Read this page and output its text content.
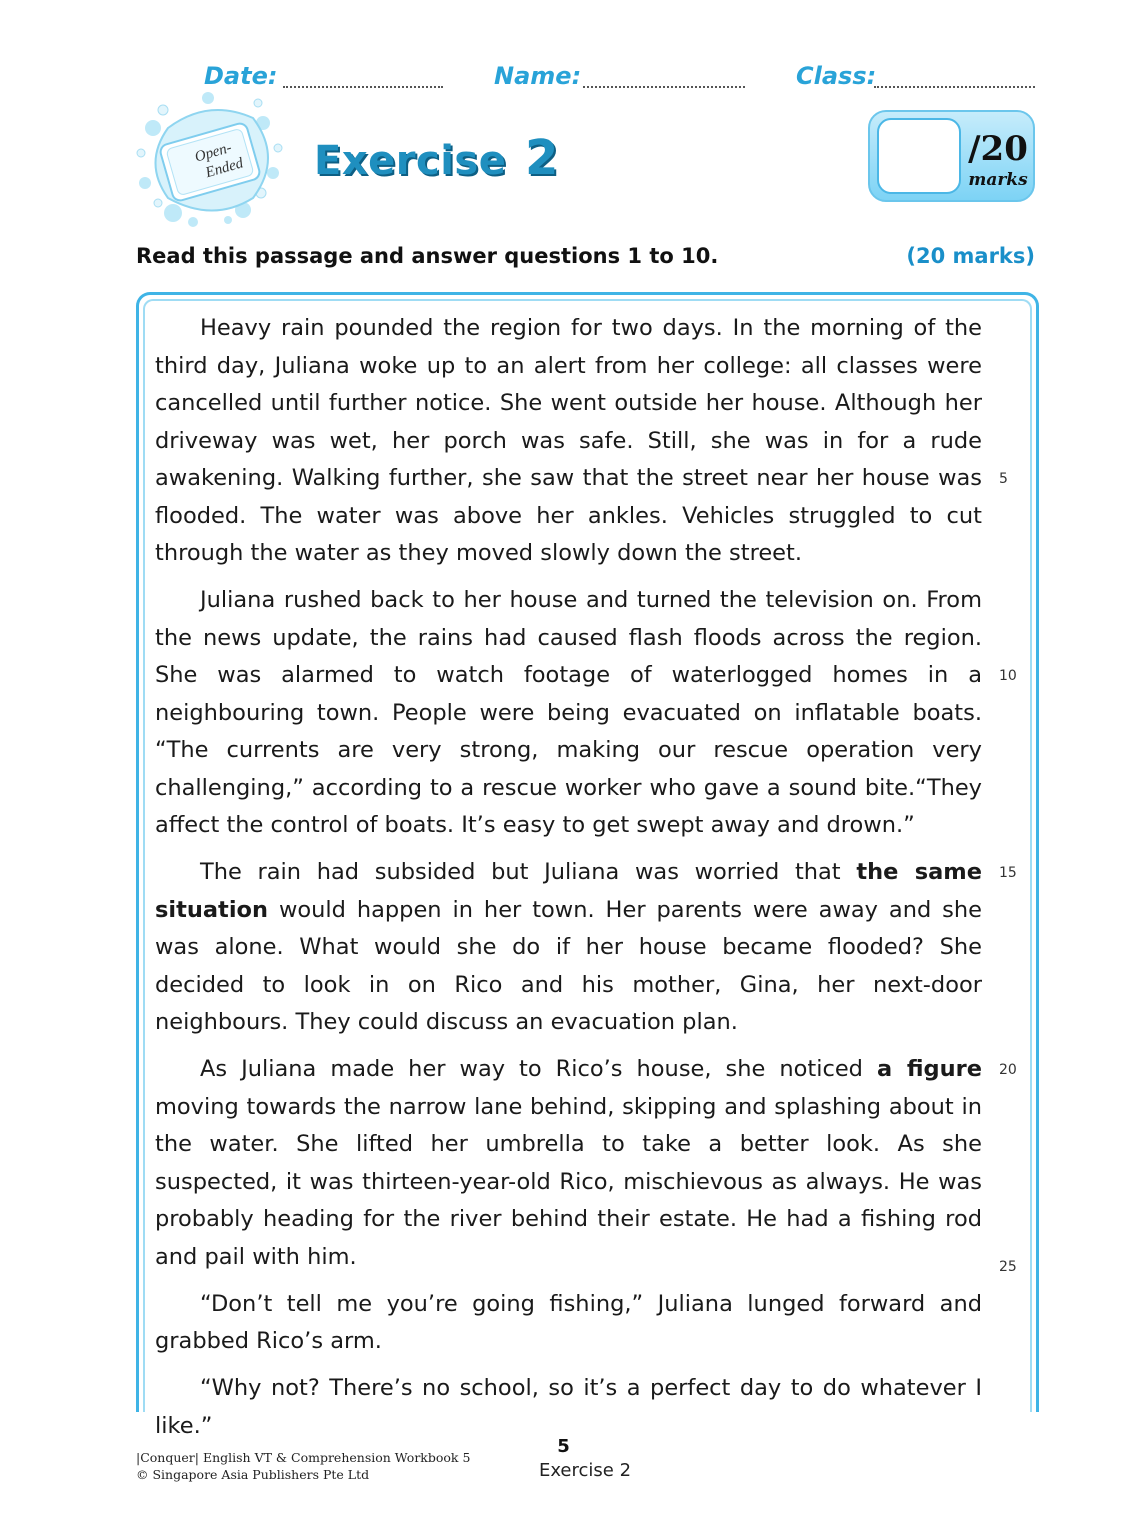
Date:	Name:	Class:
Open-
Ended Exercise 2	/20
marks
Read this passage and answer questions 1 to 10.	(20 marks)

Heavy rain pounded the region for two days. In the morning of the third day, Juliana woke up to an alert from her college: all classes were cancelled until further notice. She went outside her house. Although her driveway was wet, her porch was safe. Still, she was in for a rude awakening. Walking further, she saw that the street near her house was flooded. The water was above her ankles. Vehicles struggled to cut through the water as they moved slowly down the street.

Juliana rushed back to her house and turned the television on. From the news update, the rains had caused flash floods across the region. She was alarmed to watch footage of waterlogged homes in a neighbouring town. People were being evacuated on inflatable boats. “The currents are very strong, making our rescue operation very challenging,” according to a rescue worker who gave a sound bite.“They affect the control of boats. It’s easy to get swept away and drown.”

The rain had subsided but Juliana was worried that the same situation would happen in her town. Her parents were away and she was alone. What would she do if her house became flooded? She decided to look in on Rico and his mother, Gina, her next-door neighbours. They could discuss an evacuation plan.

As Juliana made her way to Rico’s house, she noticed a figure moving towards the narrow lane behind, skipping and splashing about in the water. She lifted her umbrella to take a better look. As she suspected, it was thirteen-year-old Rico, mischievous as always. He was probably heading for the river behind their estate. He had a fishing rod and pail with him.

“Don’t tell me you’re going fishing,” Juliana lunged forward and grabbed Rico’s arm.

“Why not? There’s no school, so it’s a perfect day to do whatever I like.”

5
10
15
20
25
|Conquer| English VT & Comprehension Workbook 5
© Singapore Asia Publishers Pte Ltd
5
Exercise 2
